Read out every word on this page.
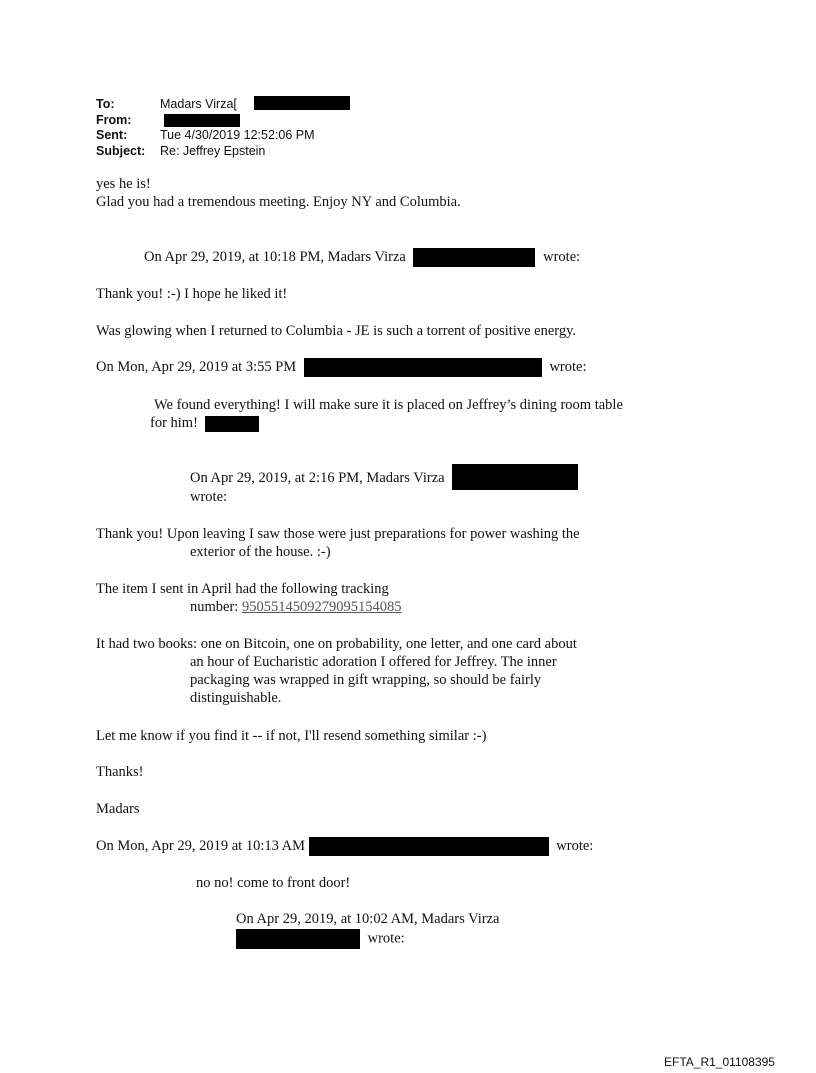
To:	Madars Virza[
From:
Sent:	Tue 4/30/2019 12:52:06 PM
Subject: Re: Jeffrey Epstein
yes he is!
Glad you had a tremendous meeting. Enjoy NY and Columbia.
On Apr 29, 2019, at 10:18 PM, Madars Virza	wrote:
Thank you! :-) I hope he liked it!
Was glowing when I returned to Columbia - JE is such a torrent of positive energy.
On Mon, Apr 29, 2019 at 3:55 PM	wrote:
We found everything! I will make sure it is placed on Jeffrey’s dining room table
for him!
On Apr 29, 2019, at 2:16 PM, Madars Virza
wrote:
Thank you! Upon leaving I saw those were just preparations for power washing the
exterior of the house. :-)
The item I sent in April had the following tracking
number: 9505514509279095154085
It had two books: one on Bitcoin, one on probability, one letter, and one card about
an hour of Eucharistic adoration I offered for Jeffrey. The inner
packaging was wrapped in gift wrapping, so should be fairly
distinguishable.
Let me know if you find it -- if not, I'll resend something similar :-)
Thanks!
Madars
On Mon, Apr 29, 2019 at 10:13 AM	wrote:
no no! come to front door!
On Apr 29, 2019, at 10:02 AM, Madars Virza
wrote:
EFTA_R1_01108395
